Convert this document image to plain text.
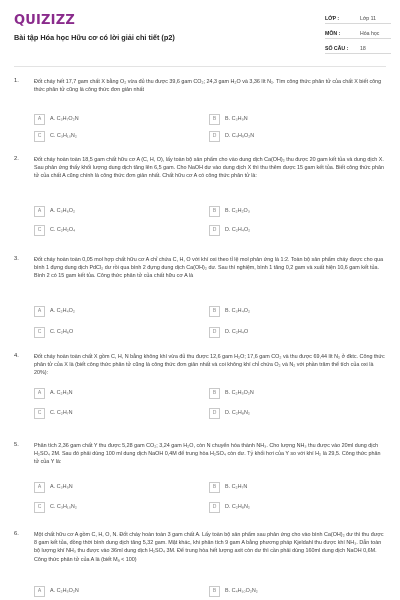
QUIZIZZ
Bài tập Hóa học Hữu cơ có lời giải chi tiết (p2)
LỚP :	Lớp 11
MÔN :	Hóa học
SỐ CÂU : 18
1.	Đốt cháy hết 17,7 gam chất X bằng O₂ vừa đủ thu được 39,6 gam CO₂; 24,3 gam H₂O và 3,36 lít N₂. Tìm công thức phân tử của chất X biết công thức phân tử cũng là công thức đơn giản nhất
A	A. C₃H₇O₂N	B	B. C₃H₉N
C	C. C₃H₁₀N₂	D	D. C₄H₉O₂N
2.	Đốt cháy hoàn toàn 18,5 gam chất hữu cơ A (C, H, O), lấy toàn bộ sản phẩm cho vào dung dịch Ca(OH)₂ thu được 20 gam kết tủa và dung dịch X. Sau phản ứng thấy khối lượng dung dịch tăng lên 6,5 gam. Cho NaOH dư vào dung dịch X thì thu thêm được 15 gam kết tủa. Biết công thức phân tử của chất A cũng chính là công thức đơn giản nhất. Chất hữu cơ A có công thức phân tử là:
A	A. C₃H₆O₂	B	B. C₂H₂O₃
C	C. C₂H₂O₄	D	D. C₂H₄O₂
3.	Đốt cháy hoàn toàn 0,05 mol hợp chất hữu cơ A chỉ chứa C, H, O với khí oxi theo tỉ lệ mol phản ứng là 1:2. Toàn bộ sản phẩm cháy được cho qua bình 1 đựng dung dịch PdCl₂ dư rồi qua bình 2 đựng dung dịch Ca(OH)₂ dư. Sau thí nghiệm, bình 1 tăng 0,2 gam và xuất hiện 10,6 gam kết tủa. Bình 2 có 15 gam kết tủa. Công thức phân tử của chất hữu cơ A là
A	A. C₂H₄O₂	B	B. C₃H₄O₂
C	C. C₂H₆O	D	D. C₂H₄O
4.	Đốt cháy hoàn toàn chất X gồm C, H, N bằng không khí vừa đủ thu được 12,6 gam H₂O; 17,6 gam CO₂ và thu được 69,44 lít N₂ ở đktc. Công thức phân tử của X là (biết công thức phân tử cũng là công thức đơn giản nhất và coi không khí chỉ chứa O₂ và N₂ với phần trăm thể tích của oxi là 20%):
A	A. C₂H₅N	B	B. C₂H₅O₂N
C	C. C₂H₇N	D	D. C₂H₈N₂
5.	Phân tích 2,36 gam chất Y thu được 5,28 gam CO₂; 3,24 gam H₂O, còn N chuyển hóa thành NH₃. Cho lượng NH₃ thu được vào 20ml dung dịch H₂SO₄ 2M. Sau đó phải dùng 100 ml dung dịch NaOH 0,4M để trung hòa H₂SO₄ còn dư. Tỷ khối hơi của Y so với khí H₂ là 29,5. Công thức phân tử của Y là:
A	A. C₃H₉N	B	B. C₂H₇N
C	C. C₃H₁₀N₂	D	D. C₂H₈N₂
6.	Một chất hữu cơ A gồm C, H, O, N. Đốt cháy hoàn toàn 3 gam chất A. Lấy toàn bộ sản phẩm sau phản ứng cho vào bình Ca(OH)₂ dư thì thu được 8 gam kết tủa, đồng thời bình dung dịch tăng 5,32 gam. Mặt khác, khi phân tích 9 gam A bằng phương pháp Kjeldahl thu được khí NH₃. Dẫn toàn bộ lượng khí NH₃ thu được vào 36ml dung dịch H₂SO₄ 3M. Để trung hòa hết lượng axit còn dư thì cần phải dùng 160ml dung dịch NaOH 0,6M. Công thức phân tử của A là (biết Mₐ < 100)
A	A. C₂H₅O₂N	B	B. C₄H₁₀O₂N₂
